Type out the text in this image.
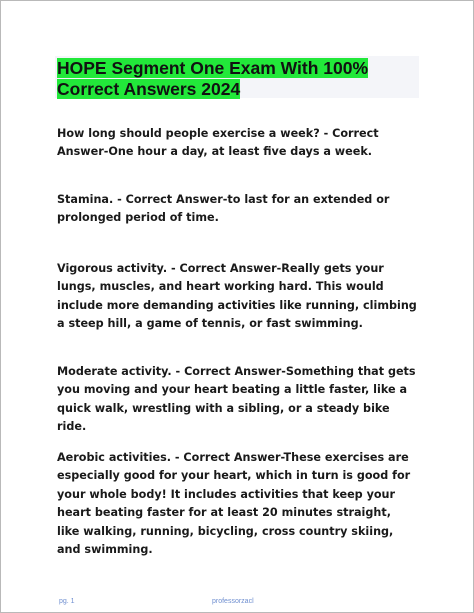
HOPE Segment One Exam With 100% Correct Answers 2024

How long should people exercise a week? - Correct Answer-One hour a day, at least five days a week.

Stamina. - Correct Answer-to last for an extended or prolonged period of time.

Vigorous activity. - Correct Answer-Really gets your lungs, muscles, and heart working hard. This would include more demanding activities like running, climbing a steep hill, a game of tennis, or fast swimming.

Moderate activity. - Correct Answer-Something that gets you moving and your heart beating a little faster, like a quick walk, wrestling with a sibling, or a steady bike ride.

Aerobic activities. - Correct Answer-These exercises are especially good for your heart, which in turn is good for your whole body! It includes activities that keep your heart beating faster for at least 20 minutes straight, like walking, running, bicycling, cross country skiing, and swimming.

pg. 1	professorzacl
